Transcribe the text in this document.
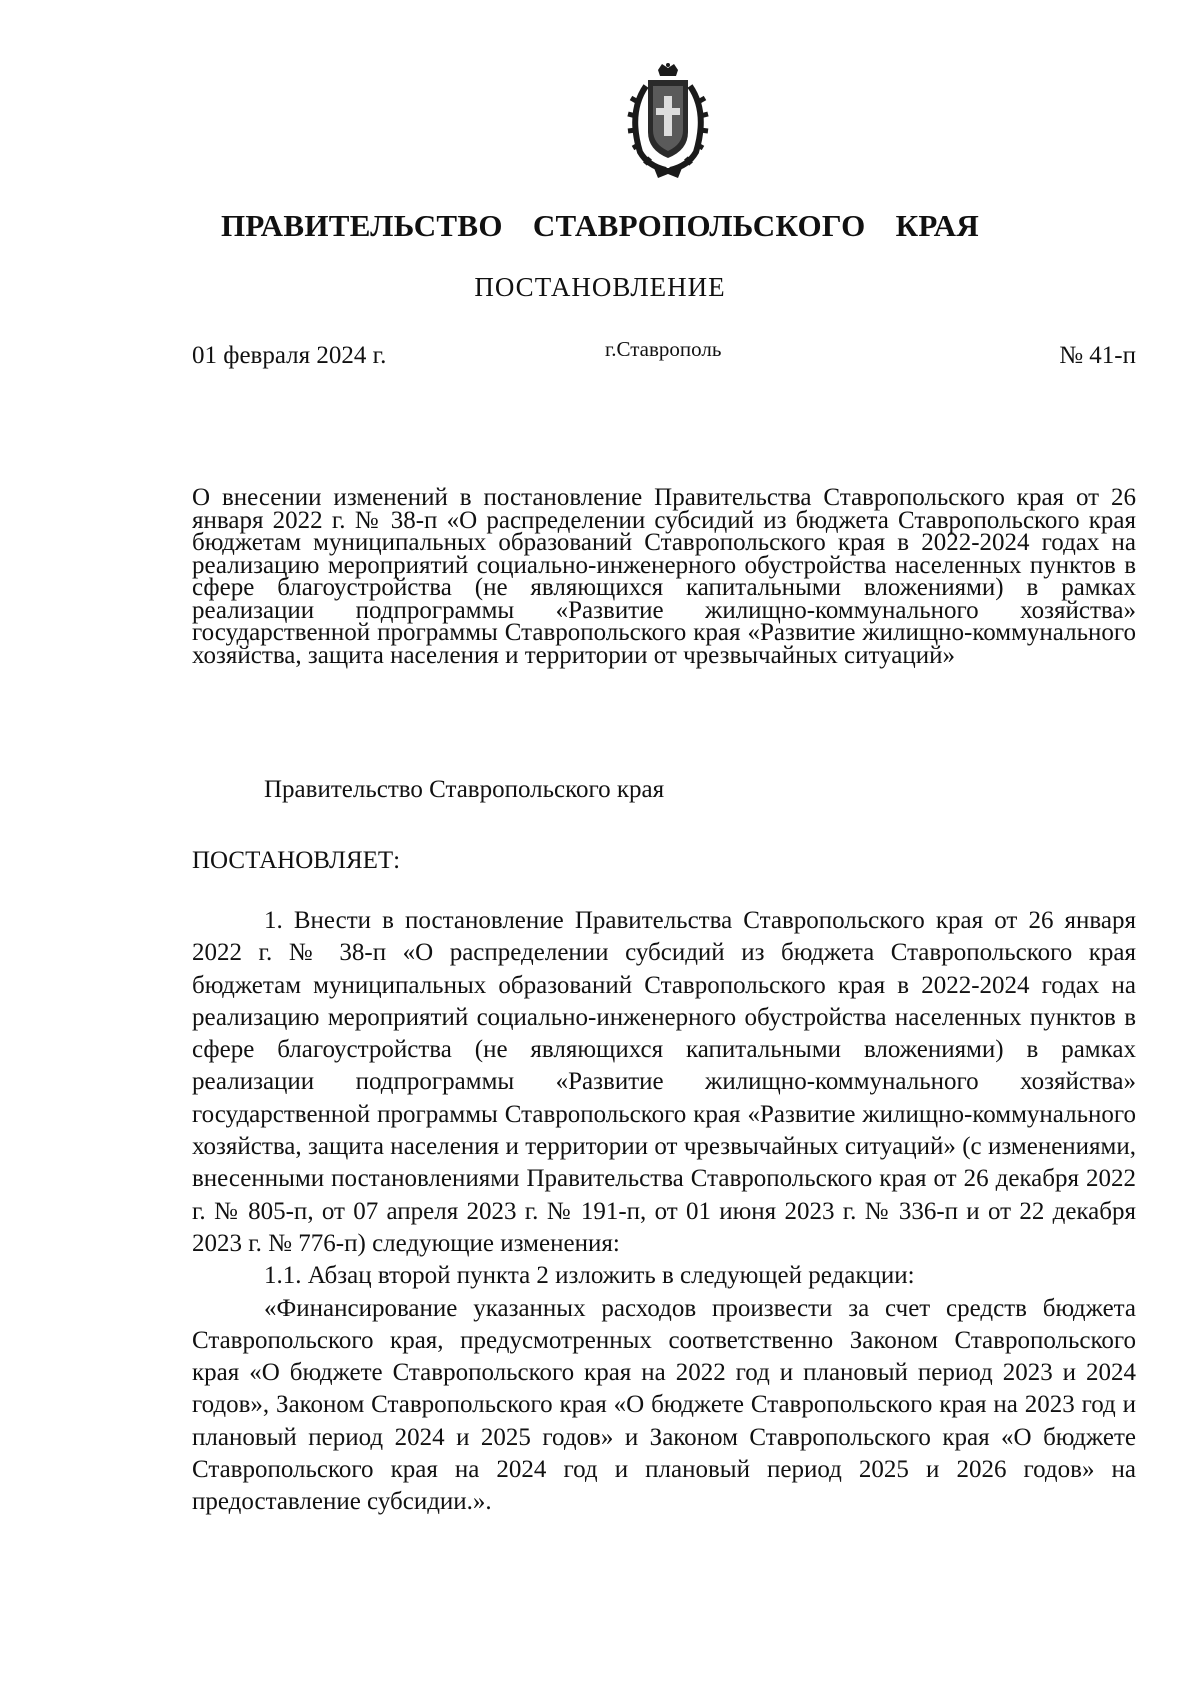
ПРАВИТЕЛЬСТВО СТАВРОПОЛЬСКОГО КРАЯ
ПОСТАНОВЛЕНИЕ
01 февраля 2024 г.	г.Ставрополь	№ 41-п
О внесении изменений в постановление Правительства Ставропольского края от 26 января 2022 г. № 38-п «О распределении субсидий из бюджета Ставропольского края бюджетам муниципальных образований Ставропольского края в 2022-2024 годах на реализацию мероприятий социально-инженерного обустройства населенных пунктов в сфере благоустройства (не являющихся капитальными вложениями) в рамках реализации подпрограммы «Развитие жилищно-коммунального хозяйства» государственной программы Ставропольского края «Развитие жилищно-коммунального хозяйства, защита населения и территории от чрезвычайных ситуаций»
Правительство Ставропольского края
ПОСТАНОВЛЯЕТ:

1. Внести в постановление Правительства Ставропольского края от 26 января 2022 г. № 38-п «О распределении субсидий из бюджета Ставропольского края бюджетам муниципальных образований Ставропольского края в 2022-2024 годах на реализацию мероприятий социально-инженерного обустройства населенных пунктов в сфере благоустройства (не являющихся капитальными вложениями) в рамках реализации подпрограммы «Развитие жилищно-коммунального хозяйства» государственной программы Ставропольского края «Развитие жилищно-коммунального хозяйства, защита населения и территории от чрезвычайных ситуаций» (с изменениями, внесенными постановлениями Правительства Ставропольского края от 26 декабря 2022 г. № 805-п, от 07 апреля 2023 г. № 191-п, от 01 июня 2023 г. № 336-п и от 22 декабря 2023 г. № 776-п) следующие изменения:

1.1. Абзац второй пункта 2 изложить в следующей редакции:

«Финансирование указанных расходов произвести за счет средств бюджета Ставропольского края, предусмотренных соответственно Законом Ставропольского края «О бюджете Ставропольского края на 2022 год и плановый период 2023 и 2024 годов», Законом Ставропольского края «О бюджете Ставропольского края на 2023 год и плановый период 2024 и 2025 годов» и Законом Ставропольского края «О бюджете Ставропольского края на 2024 год и плановый период 2025 и 2026 годов» на предоставление субсидии.».
